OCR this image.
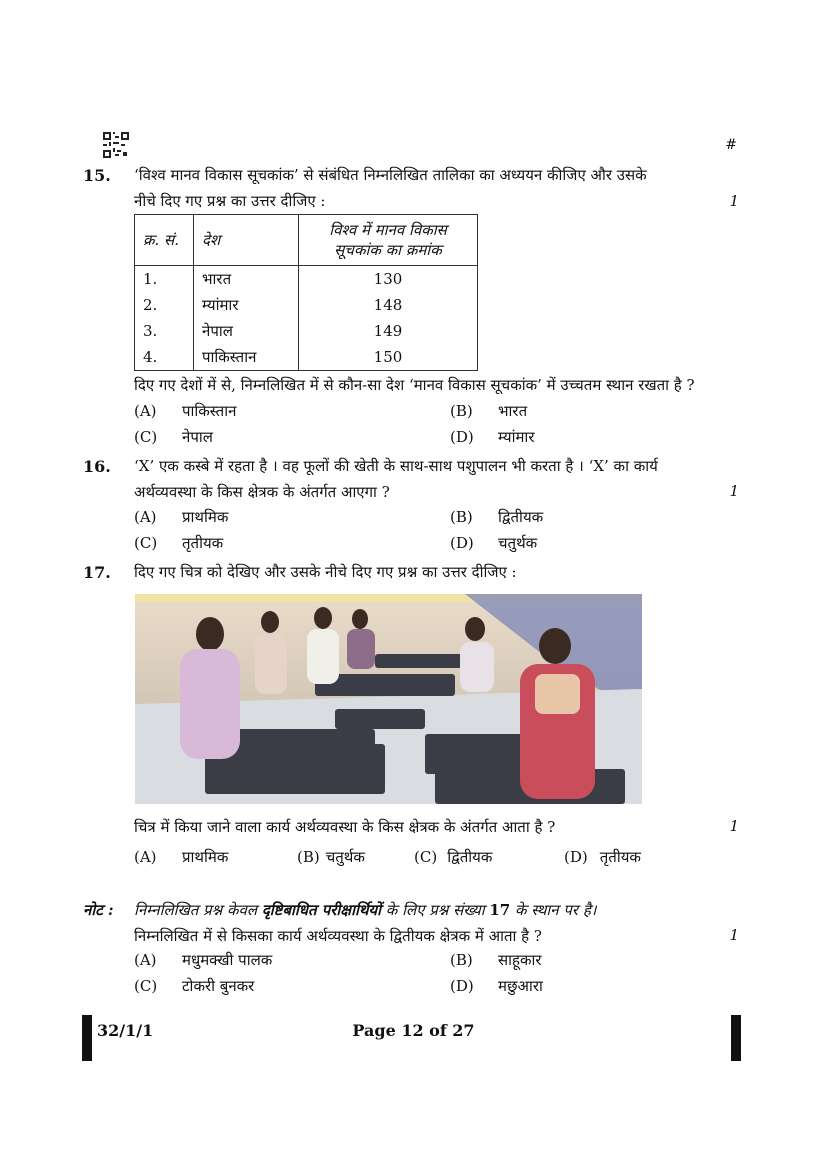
#
15. ‘विश्व मानव विकास सूचकांक’ से संबंधित निम्नलिखित तालिका का अध्ययन कीजिए और उसके
नीचे दिए गए प्रश्न का उत्तर दीजिए :	1
क्र. सं.	देश	विश्व में मानव विकास
सूचकांक का क्रमांक

1.	भारत	130
2.	म्यांमार	148
3.	नेपाल	149
4.	पाकिस्तान	150
दिए गए देशों में से, निम्नलिखित में से कौन-सा देश ‘मानव विकास सूचकांक’ में उच्चतम स्थान रखता है ?
(A) पाकिस्तान	(B) भारत
(C) नेपाल	(D) म्यांमार
16. ‘X’ एक कस्बे में रहता है । वह फूलों की खेती के साथ-साथ पशुपालन भी करता है । ‘X’ का कार्य
अर्थव्यवस्था के किस क्षेत्रक के अंतर्गत आएगा ?	1
(A) प्राथमिक	(B) द्वितीयक
(C) तृतीयक	(D) चतुर्थक
17. दिए गए चित्र को देखिए और उसके नीचे दिए गए प्रश्न का उत्तर दीजिए :
चित्र में किया जाने वाला कार्य अर्थव्यवस्था के किस क्षेत्रक के अंतर्गत आता है ?	1
(A) प्राथमिक	(B) चतुर्थक	(C) द्वितीयक	(D) तृतीयक
नोट : निम्नलिखित प्रश्न केवल दृष्टिबाधित परीक्षार्थियों के लिए प्रश्न संख्या 17 के स्थान पर है।
निम्नलिखित में से किसका कार्य अर्थव्यवस्था के द्वितीयक क्षेत्रक में आता है ?	1
(A) मधुमक्खी पालक	(B) साहूकार
(C) टोकरी बुनकर	(D) मछुआरा
32/1/1	Page 12 of 27
